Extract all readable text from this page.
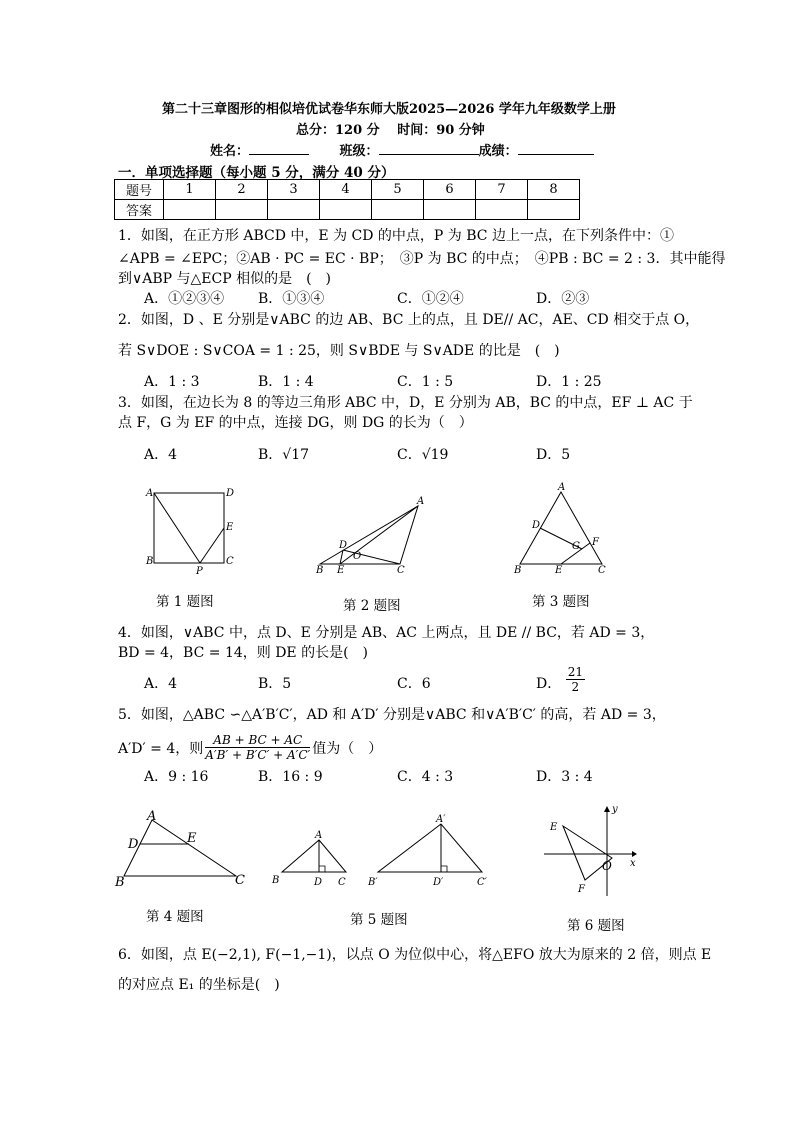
第二十三章图形的相似培优试卷华东师大版2025—2026 学年九年级数学上册
总分：120 分　 时间：90 分钟
姓名：	班级：	成绩：
一．单项选择题（每小题 5 分，满分 40 分）
题号	1	2	3	4	5	6	7	8
答案								
1．如图，在正方形 ABCD 中，E 为 CD 的中点，P 为 BC 边上一点，在下列条件中：①
∠APB = ∠EPC；②AB · PC = EC · BP；　③P 为 BC 的中点；　④PB : BC = 2 : 3．其中能得
到∨ABP 与△ECP 相似的是　(　)
A．①②③④ B．①③④	C．①②④	D．②③
2．如图，D 、E 分别是∨ABC 的边 AB、BC 上的点，且 DE// AC，AE、CD 相交于点 O，
若 S∨DOE : S∨COA = 1 : 25，则 S∨BDE 与 S∨ADE 的比是　(　)
A．1 : 3	B．1 : 4	C．1 : 5	D．1 : 25
3．如图，在边长为 8 的等边三角形 ABC 中，D，E 分别为 AB，BC 的中点，EF ⊥ AC 于
点 F，G 为 EF 的中点，连接 DG，则 DG 的长为（　）
A．4	B．√17	C．√19	D．5
A	D
E
B
P
C
第 1 题图
A
D
O
B E	C
第 2 题图
A
D
G F
B	E	C
第 3 题图
4．如图，∨ABC 中，点 D、E 分别是 AB、AC 上两点，且 DE // BC，若 AD = 3，
BD = 4，BC = 14，则 DE 的长是(　)
A．4	B．5	C．6	D． $\frac{21}{2}$
5．如图，△ABC ∽△A′B′C′，AD 和 A′D′ 分别是∨ABC 和∨A′B′C′ 的高，若 AD = 3，
A′D′ = 4，则 $\frac{AB + BC + AC}{A'B' + B'C' + A'C'}$ 值为（　）
A．9 : 16	B．16 : 9	C．4 : 3	D．3 : 4
A
D	E
B	C
第 4 题图
A
B	D C
A′
B′	D′	C′
第 5 题图
y
E
O x
F
第 6 题图
6．如图，点 E(−2,1), F(−1,−1)，以点 O 为位似中心，将△EFO 放大为原来的 2 倍，则点 E
的对应点 E₁ 的坐标是(　)
